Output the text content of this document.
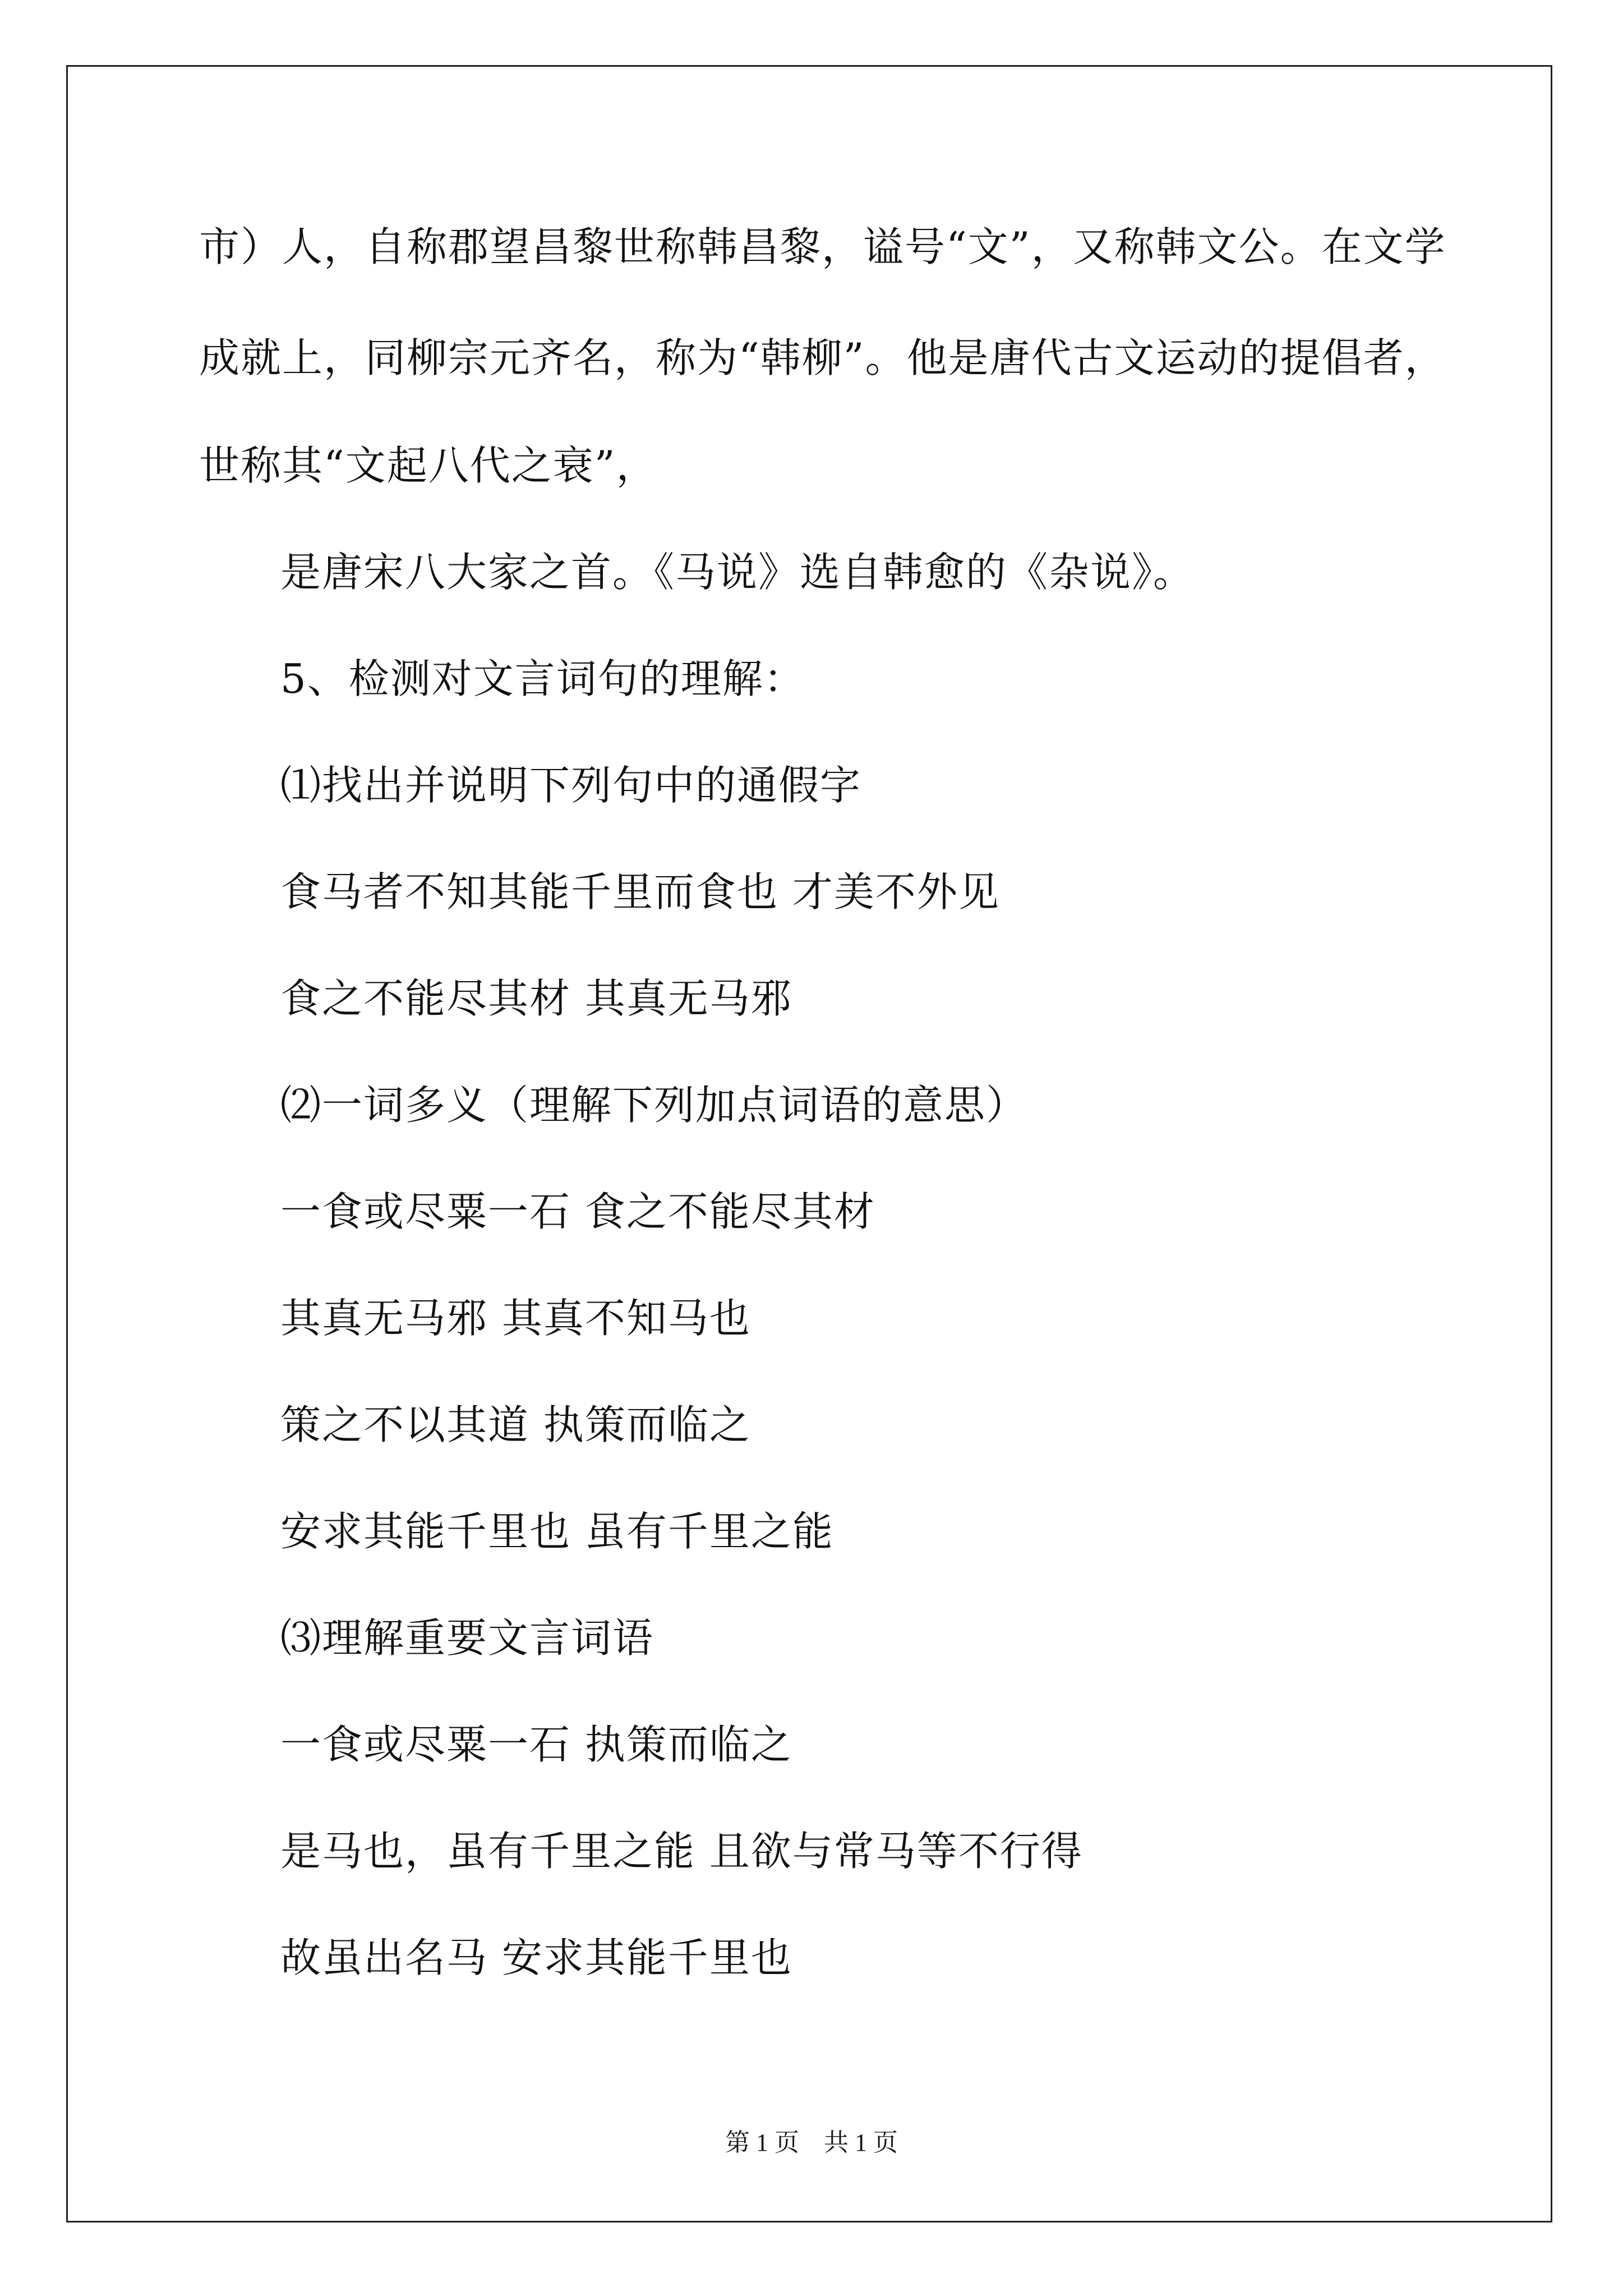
市）人，自称郡望昌黎世称韩昌黎，谥号“文”，又称韩文公。在文学
成就上，同柳宗元齐名，称为“韩柳”。他是唐代古文运动的提倡者，
世称其“文起八代之衰”，
是唐宋八大家之首。《马说》选自韩愈的《杂说》。
5、检测对文言词句的理解：
⑴找出并说明下列句中的通假字
食马者不知其能千里而食也 才美不外见
食之不能尽其材 其真无马邪
⑵一词多义（理解下列加点词语的意思）
一食或尽粟一石 食之不能尽其材
其真无马邪 其真不知马也
策之不以其道 执策而临之
安求其能千里也 虽有千里之能
⑶理解重要文言词语
一食或尽粟一石 执策而临之
是马也，虽有千里之能 且欲与常马等不行得
故虽出名马 安求其能千里也
第 1 页　共 1 页
